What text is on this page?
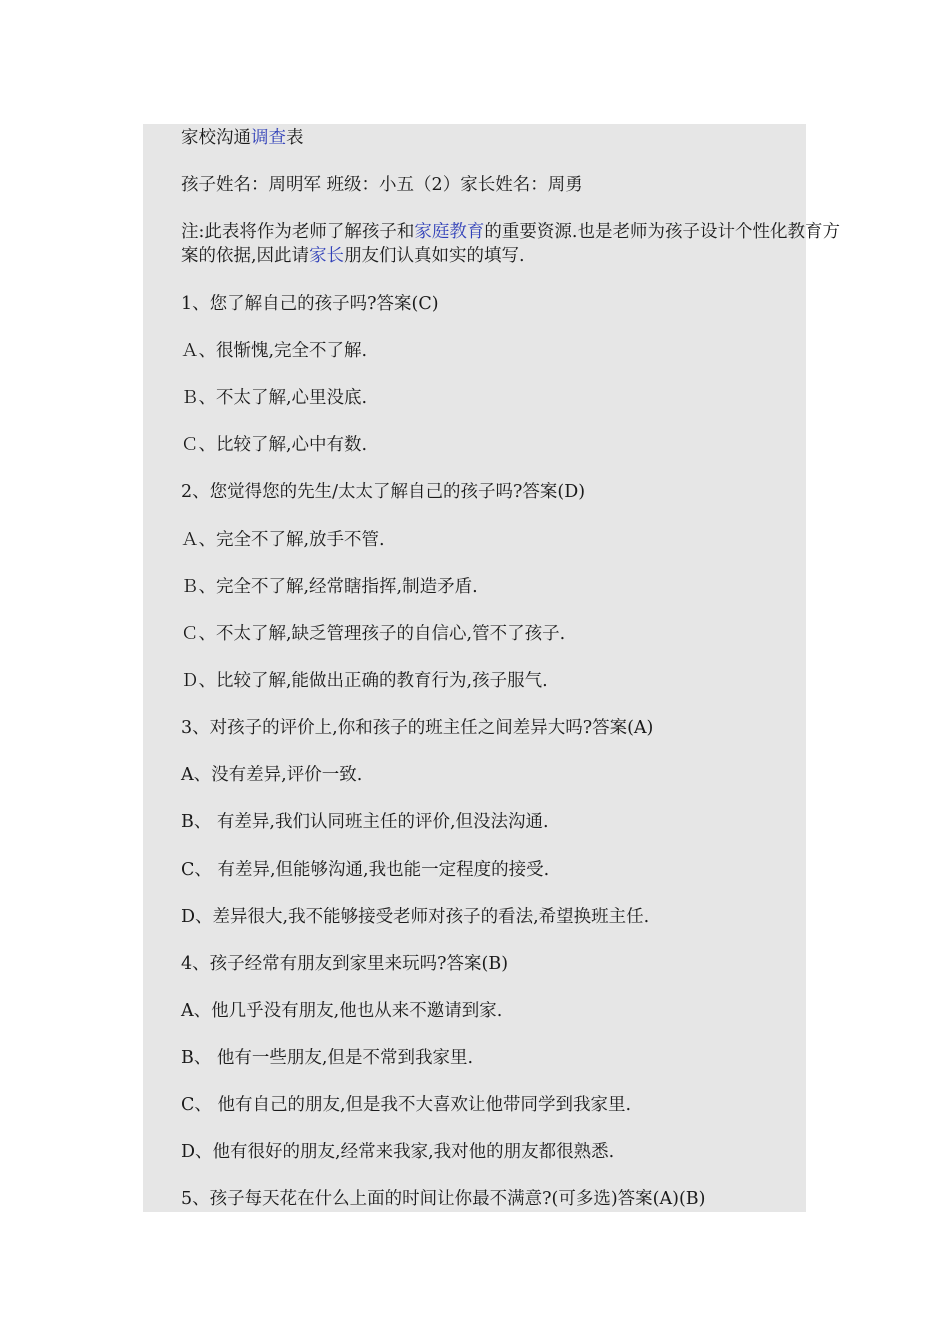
家校沟通调查表
孩子姓名：周明军 班级：小五（2）家长姓名：周勇
注:此表将作为老师了解孩子和家庭教育的重要资源.也是老师为孩子设计个性化教育方案的依据,因此请家长朋友们认真如实的填写.
1、您了解自己的孩子吗?答案(C)
Ａ、很惭愧,完全不了解.
Ｂ、不太了解,心里没底.
Ｃ、比较了解,心中有数.
2、您觉得您的先生/太太了解自己的孩子吗?答案(D)
Ａ、完全不了解,放手不管.
Ｂ、完全不了解,经常瞎指挥,制造矛盾.
Ｃ、不太了解,缺乏管理孩子的自信心,管不了孩子.
Ｄ、比较了解,能做出正确的教育行为,孩子服气.
3、对孩子的评价上,你和孩子的班主任之间差异大吗?答案(A)
A、没有差异,评价一致.
B、 有差异,我们认同班主任的评价,但没法沟通.
C、 有差异,但能够沟通,我也能一定程度的接受.
D、差异很大,我不能够接受老师对孩子的看法,希望换班主任.
4、孩子经常有朋友到家里来玩吗?答案(B)
A、他几乎没有朋友,他也从来不邀请到家.
B、 他有一些朋友,但是不常到我家里.
C、 他有自己的朋友,但是我不大喜欢让他带同学到我家里.
D、他有很好的朋友,经常来我家,我对他的朋友都很熟悉.
5、孩子每天花在什么上面的时间让你最不满意?(可多选)答案(A)(B)
